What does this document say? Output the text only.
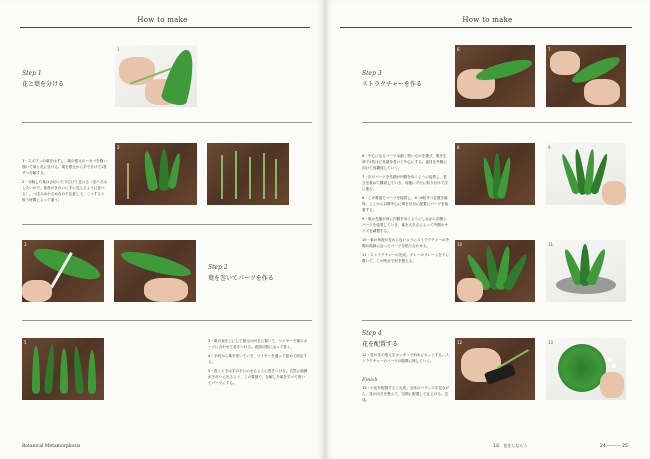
How to make
Step 1
花と葉を分ける
1

1・スズランの葉をはずし、葉の根元のハカマを軽い捌いて葉と花に分ける。葉を根元から手で分けて1枚ずつ分解する。

2・分解した葉は水切ったり広げて並べる（並べ方はしたいので、素材がきれいに手に見えるように並べる）。つぼみは小さめなので注意して、こうすると扱う時間によって違う。

2
3
Step 2
葉を巻いてパーツを作る
5	3・葉の表を上にして根元の向きに置いて、ワイヤーで葉のカーブに合わせて巻きつける。表面の脈に沿って巻く。

4・予約から葉を巻いていき、ワイヤーを通って留めて固定する。

5・巻くときは手の平にのせるように巻きつける。自然に曲線がきれいに出るよう、この要領で、分解した葉をすべて巻いてパーツにする。

Botanical Metamorphosis
How to make
Step 3
ストラクチャーを作る
6	7

6・中心になるパーツは細く短いものを選び、葉を生命で1枚ほど先端を巻いて中心にする。素材を外側に向けて再構成していく。

7・次のパーツを先端が内側を向くように接着し、巻きを重ねて構成していき、同様に平行に貼り付けて次に進む。

8・この要領でパーツを接着し、4〜6枚ずつ位置を確保、ここから以降中心に葉を反対に配置にパーツを接着する。

9・葉の先端が常に内側を向くようにしながら前側にパーツを接着していき、葉を大きさによって外側のサイズを調整する。

10・葉の角度が変わらないようにストラクチャーの外側の曲線に沿ってパーツを貼り合わせる。

11・ストラクチャーの完成。グレーのプレートを下に置いて、この時点で形を整える。

8	9
10	11
Step 4
花を配置する

12・花の茎の根元をカッターで斜めにカットする。ストラクチャーのパーツの隙間に挿していく。

Finish

13・小花を配置すると完成。全体のバランスを見ながら、花の向きを整えて、空間に配置して仕上げる。完成。

12	13
1章　花をしならう	24 ——— 25
